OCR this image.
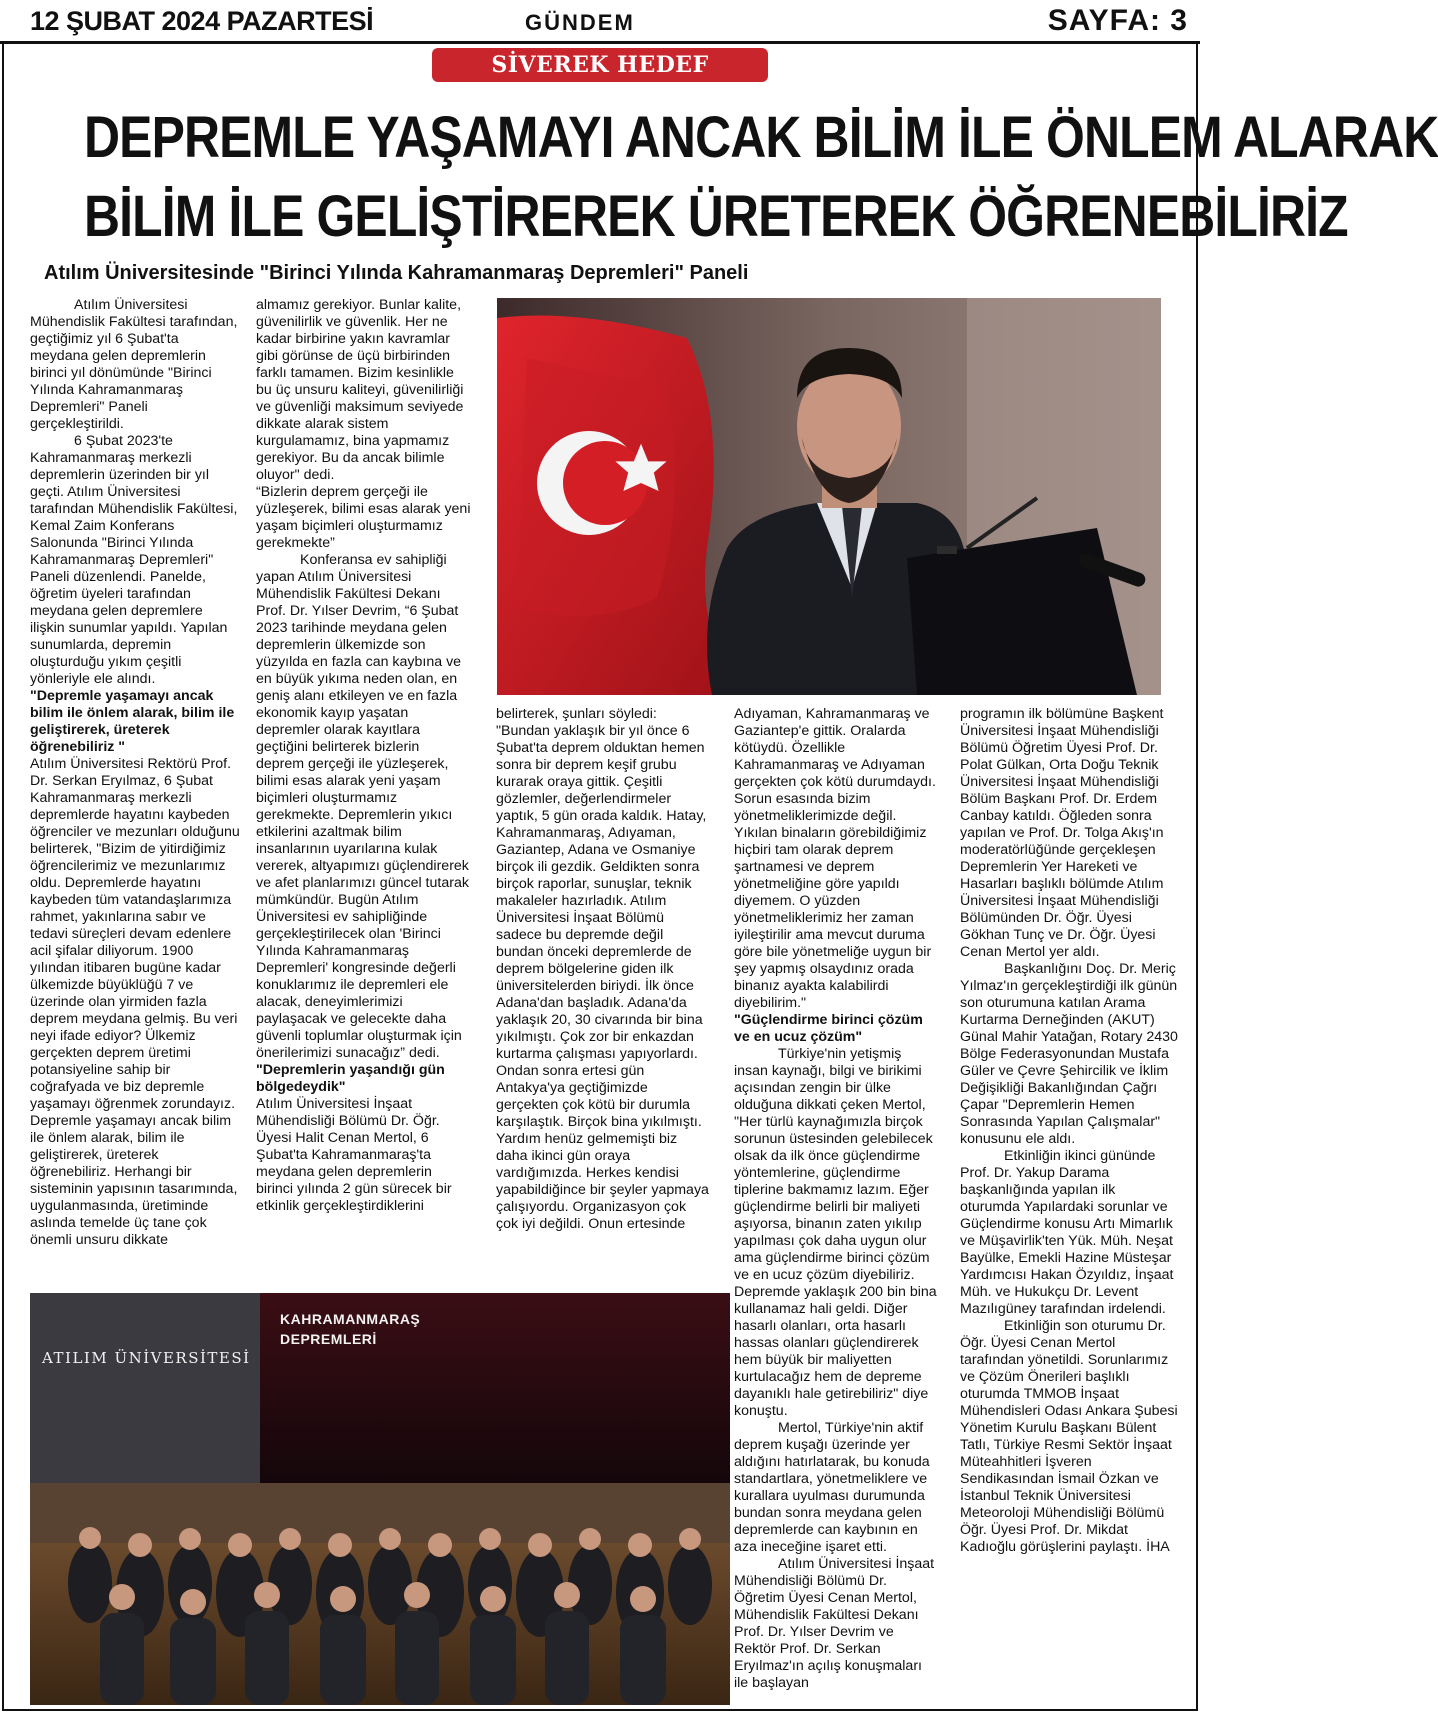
12 ŞUBAT 2024 PAZARTESİ	GÜNDEM	SAYFA: 3
SİVEREK HEDEF GAZETESİ
DEPREMLE YAŞAMAYI ANCAK BİLİM İLE ÖNLEM ALARAK
BİLİM İLE GELİŞTİREREK ÜRETEREK ÖĞRENEBİLİRİZ
Atılım Üniversitesinde "Birinci Yılında Kahramanmaraş Depremleri" Paneli

Atılım Üniversitesi Mühendislik Fakültesi tarafından, geçtiğimiz yıl 6 Şubat'ta meydana gelen depremlerin birinci yıl dönümünde "Birinci Yılında Kahramanmaraş Depremleri" Paneli gerçekleştirildi.

6 Şubat 2023'te Kahramanmaraş merkezli depremlerin üzerinden bir yıl geçti. Atılım Üniversitesi tarafından Mühendislik Fakültesi, Kemal Zaim Konferans Salonunda "Birinci Yılında Kahramanmaraş Depremleri" Paneli düzenlendi. Panelde, öğretim üyeleri tarafından meydana gelen depremlere ilişkin sunumlar yapıldı. Yapılan sunumlarda, depremin oluşturduğu yıkım çeşitli yönleriyle ele alındı.

"Depremle yaşamayı ancak bilim ile önlem alarak, bilim ile geliştirerek, üreterek öğrenebiliriz "

Atılım Üniversitesi Rektörü Prof. Dr. Serkan Eryılmaz, 6 Şubat Kahramanmaraş merkezli depremlerde hayatını kaybeden öğrenciler ve mezunları olduğunu belirterek, "Bizim de yitirdiğimiz öğrencilerimiz ve mezunlarımız oldu. Depremlerde hayatını kaybeden tüm vatandaşlarımıza rahmet, yakınlarına sabır ve tedavi süreçleri devam edenlere acil şifalar diliyorum. 1900 yılından itibaren bugüne kadar ülkemizde büyüklüğü 7 ve üzerinde olan yirmiden fazla deprem meydana gelmiş. Bu veri neyi ifade ediyor? Ülkemiz gerçekten deprem üretimi potansiyeline sahip bir coğrafyada ve biz depremle yaşamayı öğrenmek zorundayız. Depremle yaşamayı ancak bilim ile önlem alarak, bilim ile geliştirerek, üreterek öğrenebiliriz. Herhangi bir sisteminin yapısının tasarımında, uygulanmasında, üretiminde aslında temelde üç tane çok önemli unsuru dikkate

almamız gerekiyor. Bunlar kalite, güvenilirlik ve güvenlik. Her ne kadar birbirine yakın kavramlar gibi görünse de üçü birbirinden farklı tamamen. Bizim kesinlikle bu üç unsuru kaliteyi, güvenilirliği ve güvenliği maksimum seviyede dikkate alarak sistem kurgulamamız, bina yapmamız gerekiyor. Bu da ancak bilimle oluyor" dedi.

“Bizlerin deprem gerçeği ile yüzleşerek, bilimi esas alarak yeni yaşam biçimleri oluşturmamız gerekmekte”

Konferansa ev sahipliği yapan Atılım Üniversitesi Mühendislik Fakültesi Dekanı Prof. Dr. Yılser Devrim, “6 Şubat 2023 tarihinde meydana gelen depremlerin ülkemizde son yüzyılda en fazla can kaybına ve en büyük yıkıma neden olan, en geniş alanı etkileyen ve en fazla ekonomik kayıp yaşatan depremler olarak kayıtlara geçtiğini belirterek bizlerin deprem gerçeği ile yüzleşerek, bilimi esas alarak yeni yaşam biçimleri oluşturmamız gerekmekte. Depremlerin yıkıcı etkilerini azaltmak bilim insanlarının uyarılarına kulak vererek, altyapımızı güçlendirerek ve afet planlarımızı güncel tutarak mümkündür. Bugün Atılım Üniversitesi ev sahipliğinde gerçekleştirilecek olan 'Birinci Yılında Kahramanmaraş Depremleri' kongresinde değerli konuklarımız ile depremleri ele alacak, deneyimlerimizi paylaşacak ve gelecekte daha güvenli toplumlar oluşturmak için önerilerimizi sunacağız” dedi.

"Depremlerin yaşandığı gün bölgedeydik"

Atılım Üniversitesi İnşaat Mühendisliği Bölümü Dr. Öğr. Üyesi Halit Cenan Mertol, 6 Şubat'ta Kahramanmaraş'ta meydana gelen depremlerin birinci yılında 2 gün sürecek bir etkinlik gerçekleştirdiklerini

belirterek, şunları söyledi: "Bundan yaklaşık bir yıl önce 6 Şubat'ta deprem olduktan hemen sonra bir deprem keşif grubu kurarak oraya gittik. Çeşitli gözlemler, değerlendirmeler yaptık, 5 gün orada kaldık. Hatay, Kahramanmaraş, Adıyaman, Gaziantep, Adana ve Osmaniye birçok ili gezdik. Geldikten sonra birçok raporlar, sunuşlar, teknik makaleler hazırladık. Atılım Üniversitesi İnşaat Bölümü sadece bu depremde değil bundan önceki depremlerde de deprem bölgelerine giden ilk üniversitelerden biriydi. İlk önce Adana'dan başladık. Adana'da yaklaşık 20, 30 civarında bir bina yıkılmıştı. Çok zor bir enkazdan kurtarma çalışması yapıyorlardı. Ondan sonra ertesi gün Antakya'ya geçtiğimizde gerçekten çok kötü bir durumla karşılaştık. Birçok bina yıkılmıştı. Yardım henüz gelmemişti biz daha ikinci gün oraya vardığımızda. Herkes kendisi yapabildiğince bir şeyler yapmaya çalışıyordu. Organizasyon çok çok iyi değildi. Onun ertesinde

Adıyaman, Kahramanmaraş ve Gaziantep'e gittik. Oralarda kötüydü. Özellikle Kahramanmaraş ve Adıyaman gerçekten çok kötü durumdaydı. Sorun esasında bizim yönetmeliklerimizde değil. Yıkılan binaların görebildiğimiz hiçbiri tam olarak deprem şartnamesi ve deprem yönetmeliğine göre yapıldı diyemem. O yüzden yönetmeliklerimiz her zaman iyileştirilir ama mevcut duruma göre bile yönetmeliğe uygun bir şey yapmış olsaydınız orada binanız ayakta kalabilirdi diyebilirim."

"Güçlendirme birinci çözüm ve en ucuz çözüm"

Türkiye'nin yetişmiş insan kaynağı, bilgi ve birikimi açısından zengin bir ülke olduğuna dikkati çeken Mertol, "Her türlü kaynağımızla birçok sorunun üstesinden gelebilecek olsak da ilk önce güçlendirme yöntemlerine, güçlendirme tiplerine bakmamız lazım. Eğer güçlendirme belirli bir maliyeti aşıyorsa, binanın zaten yıkılıp yapılması çok daha uygun olur ama güçlendirme birinci çözüm ve en ucuz çözüm diyebiliriz. Depremde yaklaşık 200 bin bina kullanamaz hali geldi. Diğer hasarlı olanları, orta hasarlı hassas olanları güçlendirerek hem büyük bir maliyetten kurtulacağız hem de depreme dayanıklı hale getirebiliriz" diye konuştu.

Mertol, Türkiye'nin aktif deprem kuşağı üzerinde yer aldığını hatırlatarak, bu konuda standartlara, yönetmeliklere ve kurallara uyulması durumunda bundan sonra meydana gelen depremlerde can kaybının en aza ineceğine işaret etti.

Atılım Üniversitesi İnşaat Mühendisliği Bölümü Dr. Öğretim Üyesi Cenan Mertol, Mühendislik Fakültesi Dekanı Prof. Dr. Yılser Devrim ve Rektör Prof. Dr. Serkan Eryılmaz'ın açılış konuşmaları ile başlayan

programın ilk bölümüne Başkent Üniversitesi İnşaat Mühendisliği Bölümü Öğretim Üyesi Prof. Dr. Polat Gülkan, Orta Doğu Teknik Üniversitesi İnşaat Mühendisliği Bölüm Başkanı Prof. Dr. Erdem Canbay katıldı. Öğleden sonra yapılan ve Prof. Dr. Tolga Akış'ın moderatörlüğünde gerçekleşen Depremlerin Yer Hareketi ve Hasarları başlıklı bölümde Atılım Üniversitesi İnşaat Mühendisliği Bölümünden Dr. Öğr. Üyesi Gökhan Tunç ve Dr. Öğr. Üyesi Cenan Mertol yer aldı.

Başkanlığını Doç. Dr. Meriç Yılmaz'ın gerçekleştirdiği ilk günün son oturumuna katılan Arama Kurtarma Derneğinden (AKUT) Günal Mahir Yatağan, Rotary 2430 Bölge Federasyonundan Mustafa Güler ve Çevre Şehircilik ve İklim Değişikliği Bakanlığından Çağrı Çapar "Depremlerin Hemen Sonrasında Yapılan Çalışmalar" konusunu ele aldı.

Etkinliğin ikinci gününde Prof. Dr. Yakup Darama başkanlığında yapılan ilk oturumda Yapılardaki sorunlar ve Güçlendirme konusu Artı Mimarlık ve Müşavirlik'ten Yük. Müh. Neşat Bayülke, Emekli Hazine Müsteşar Yardımcısı Hakan Özyıldız, İnşaat Müh. ve Hukukçu Dr. Levent Mazılıgüney tarafından irdelendi.

Etkinliğin son oturumu Dr. Öğr. Üyesi Cenan Mertol tarafından yönetildi. Sorunlarımız ve Çözüm Önerileri başlıklı oturumda TMMOB İnşaat Mühendisleri Odası Ankara Şubesi Yönetim Kurulu Başkanı Bülent Tatlı, Türkiye Resmi Sektör İnşaat Müteahhitleri İşveren Sendikasından İsmail Özkan ve İstanbul Teknik Üniversitesi Meteoroloji Mühendisliği Bölümü Öğr. Üyesi Prof. Dr. Mikdat Kadıoğlu görüşlerini paylaştı. İHA

ATILIM ÜNİVERSİTESİ
KAHRAMANMARAŞ
DEPREMLERİ
